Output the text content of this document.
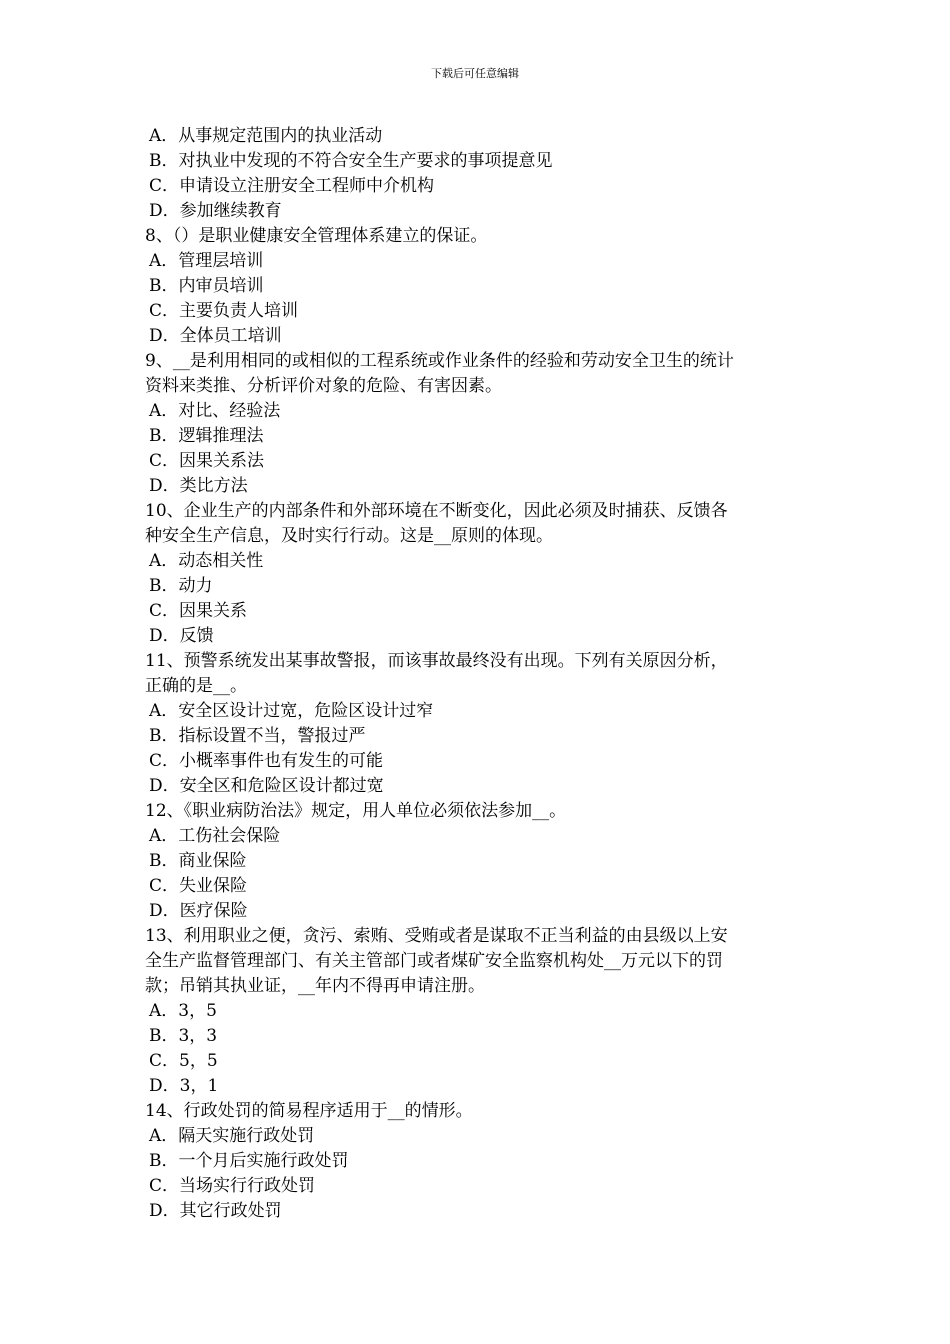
下载后可任意编辑
A．从事规定范围内的执业活动
B．对执业中发现的不符合安全生产要求的事项提意见
C．申请设立注册安全工程师中介机构
D．参加继续教育
8、（）是职业健康安全管理体系建立的保证。
A．管理层培训
B．内审员培训
C．主要负责人培训
D．全体员工培训
9、__是利用相同的或相似的工程系统或作业条件的经验和劳动安全卫生的统计
资料来类推、分析评价对象的危险、有害因素。
A．对比、经验法
B．逻辑推理法
C．因果关系法
D．类比方法
10、企业生产的内部条件和外部环境在不断变化，因此必须及时捕获、反馈各
种安全生产信息，及时实行行动。这是__原则的体现。
A．动态相关性
B．动力
C．因果关系
D．反馈
11、预警系统发出某事故警报，而该事故最终没有出现。下列有关原因分析，
正确的是__。
A．安全区设计过宽，危险区设计过窄
B．指标设置不当，警报过严
C．小概率事件也有发生的可能
D．安全区和危险区设计都过宽
12、《职业病防治法》规定，用人单位必须依法参加__。
A．工伤社会保险
B．商业保险
C．失业保险
D．医疗保险
13、利用职业之便，贪污、索贿、受贿或者是谋取不正当利益的由县级以上安
全生产监督管理部门、有关主管部门或者煤矿安全监察机构处__万元以下的罚
款；吊销其执业证，__年内不得再申请注册。
A．3，5
B．3，3
C．5，5
D．3，1
14、行政处罚的简易程序适用于__的情形。
A．隔天实施行政处罚
B．一个月后实施行政处罚
C．当场实行行政处罚
D．其它行政处罚
